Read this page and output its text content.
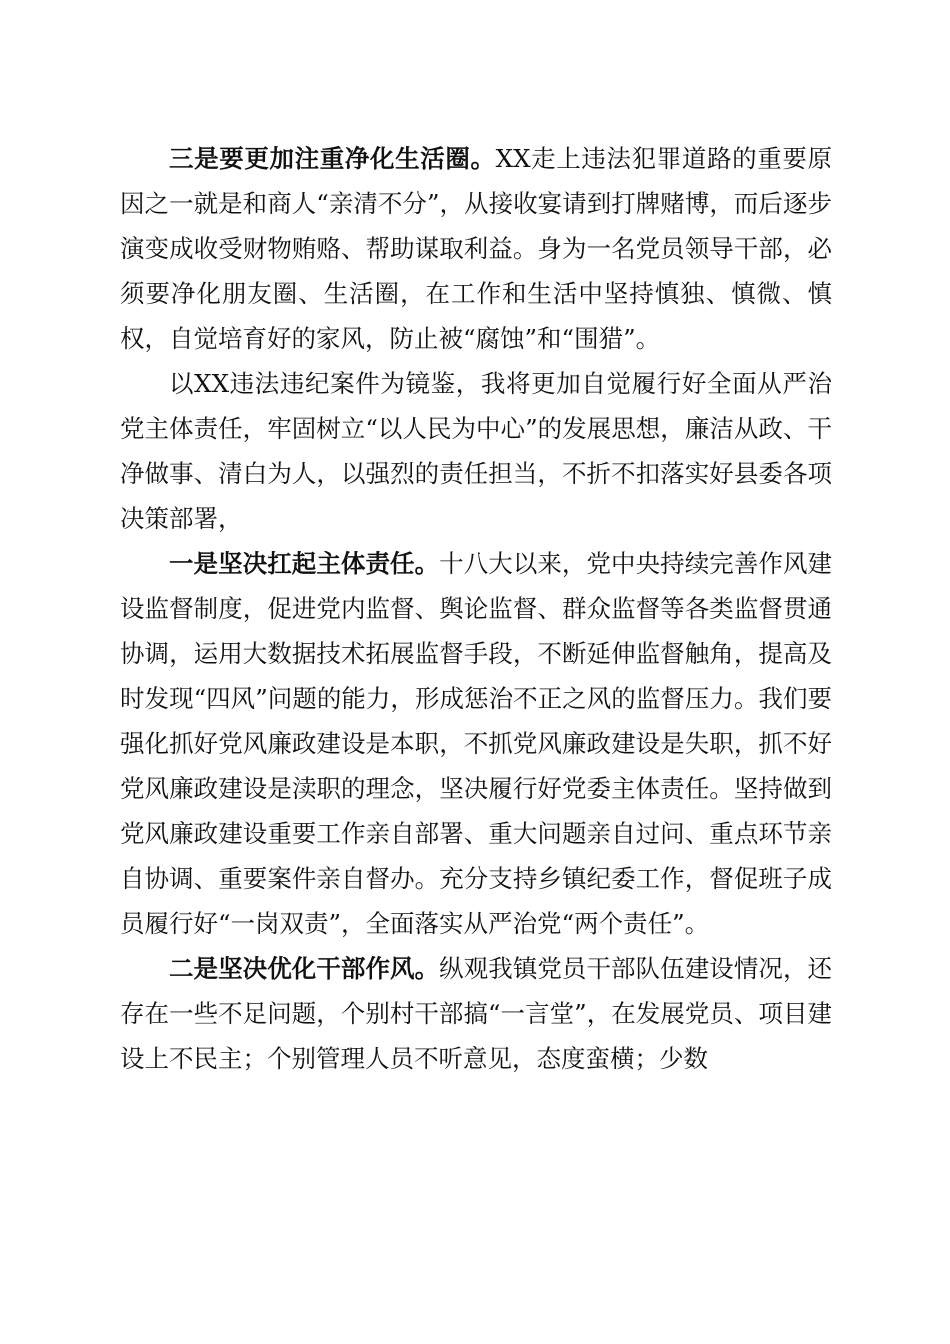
三是要更加注重净化生活圈。XX走上违法犯罪道路的重要原因之一就是和商人“亲清不分”，从接收宴请到打牌赌博，而后逐步演变成收受财物贿赂、帮助谋取利益。身为一名党员领导干部，必须要净化朋友圈、生活圈，在工作和生活中坚持慎独、慎微、慎权，自觉培育好的家风，防止被“腐蚀”和“围猎”。

以XX违法违纪案件为镜鉴，我将更加自觉履行好全面从严治党主体责任，牢固树立“以人民为中心”的发展思想，廉洁从政、干净做事、清白为人，以强烈的责任担当，不折不扣落实好县委各项决策部署，

一是坚决扛起主体责任。十八大以来，党中央持续完善作风建设监督制度，促进党内监督、舆论监督、群众监督等各类监督贯通协调，运用大数据技术拓展监督手段，不断延伸监督触角，提高及时发现“四风”问题的能力，形成惩治不正之风的监督压力。我们要强化抓好党风廉政建设是本职，不抓党风廉政建设是失职，抓不好党风廉政建设是渎职的理念，坚决履行好党委主体责任。坚持做到党风廉政建设重要工作亲自部署、重大问题亲自过问、重点环节亲自协调、重要案件亲自督办。充分支持乡镇纪委工作，督促班子成员履行好“一岗双责”，全面落实从严治党“两个责任”。

二是坚决优化干部作风。纵观我镇党员干部队伍建设情况，还存在一些不足问题，个别村干部搞“一言堂”，在发展党员、项目建设上不民主；个别管理人员不听意见，态度蛮横；少数
